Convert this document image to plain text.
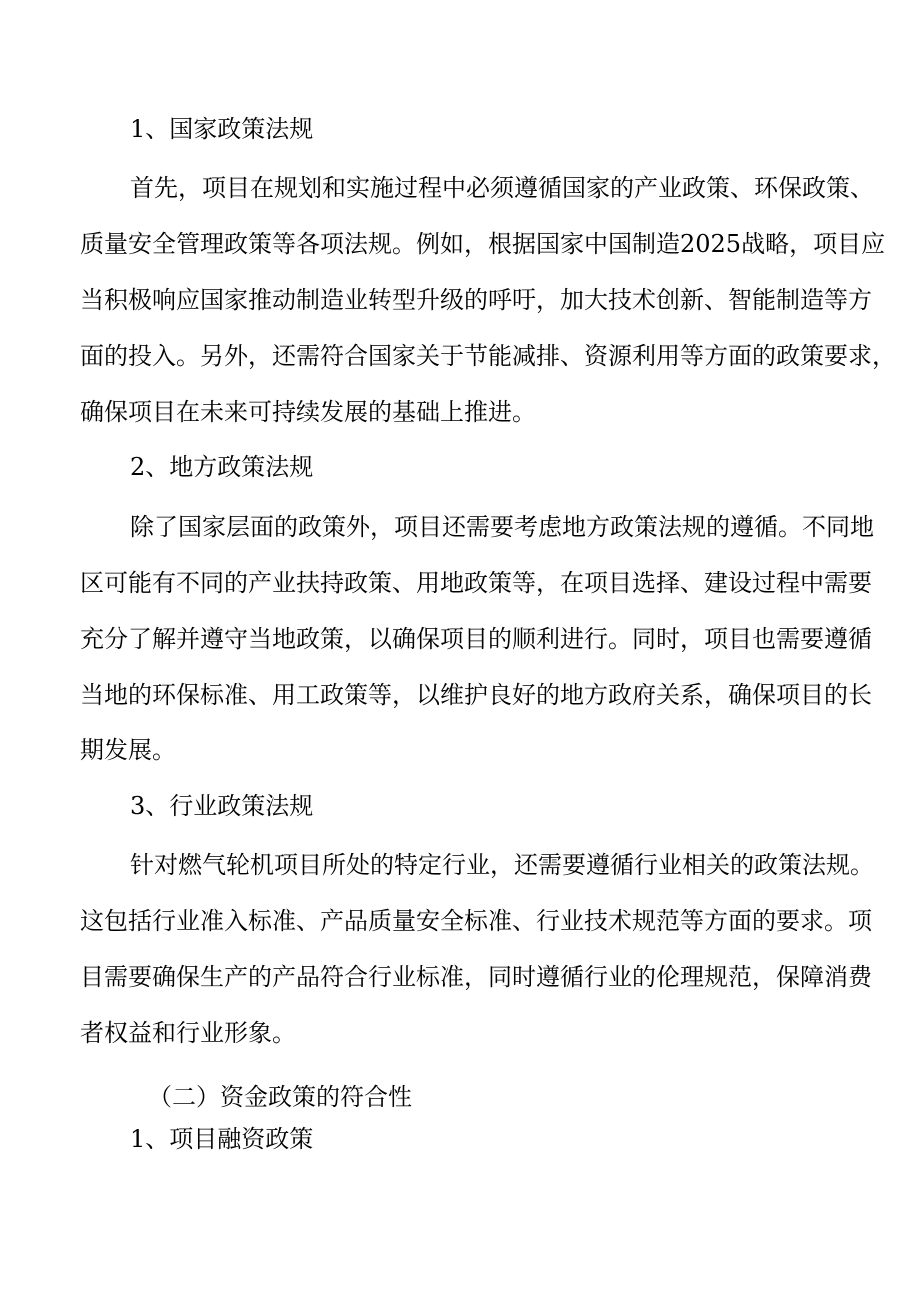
1、国家政策法规

首先，项目在规划和实施过程中必须遵循国家的产业政策、环保政策、

质量安全管理政策等各项法规。例如，根据国家中国制造2025战略，项目应

当积极响应国家推动制造业转型升级的呼吁，加大技术创新、智能制造等方

面的投入。另外，还需符合国家关于节能减排、资源利用等方面的政策要求，

确保项目在未来可持续发展的基础上推进。

2、地方政策法规

除了国家层面的政策外，项目还需要考虑地方政策法规的遵循。不同地

区可能有不同的产业扶持政策、用地政策等，在项目选择、建设过程中需要

充分了解并遵守当地政策，以确保项目的顺利进行。同时，项目也需要遵循

当地的环保标准、用工政策等，以维护良好的地方政府关系，确保项目的长

期发展。

3、行业政策法规

针对燃气轮机项目所处的特定行业，还需要遵循行业相关的政策法规。

这包括行业准入标准、产品质量安全标准、行业技术规范等方面的要求。项

目需要确保生产的产品符合行业标准，同时遵循行业的伦理规范，保障消费

者权益和行业形象。

（二）资金政策的符合性

1、项目融资政策
